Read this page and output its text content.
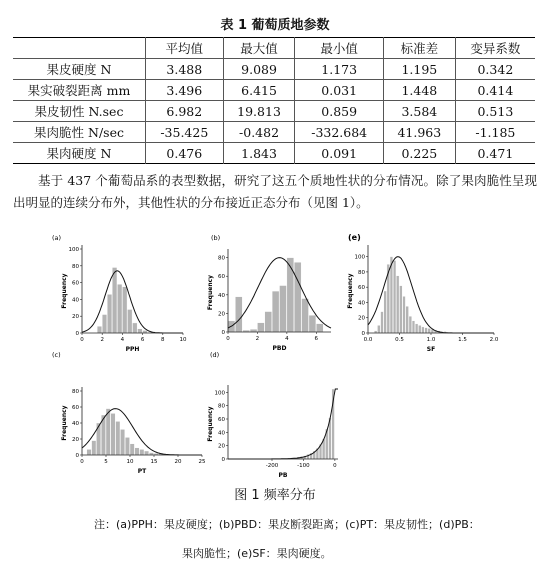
表 1 葡萄质地参数
	平均值	最大值	最小值	标准差	变异系数
果皮硬度 N	3.488	9.089	1.173	1.195	0.342
果实破裂距离 mm	3.496	6.415	0.031	1.448	0.414
果皮韧性 N.sec	6.982	19.813	0.859	3.584	0.513
果肉脆性 N/sec	-35.425	-0.482	-332.684	41.963	-1.185
果肉硬度 N	0.476	1.843	0.091	0.225	0.471
基于 437 个葡萄品系的表型数据，研究了这五个质地性状的分布情况。除了果肉脆性呈现出明显的连续分布外，其他性状的分布接近正态分布（见图 1）。
(a)
0
20
40
60
80
100
0	2	4	6	8	10
PPH
Frequency
(b)
0
20
40
60
80
0	2	4	6
PBD
Frequency
(c)
0
20
40
60
80
0	5	10	15	20	25
PT
Frequency
(d)
0
20
40
60
80
100
-200	-100	0
PB
Frequency
(e)
0
20
40
60
80
100
0.0	0.5	1.0	1.5	2.0
SF
Frequency
图 1 频率分布
注：(a)PPH：果皮硬度；(b)PBD：果皮断裂距离；(c)PT：果皮韧性；(d)PB：
果肉脆性；(e)SF：果肉硬度。
